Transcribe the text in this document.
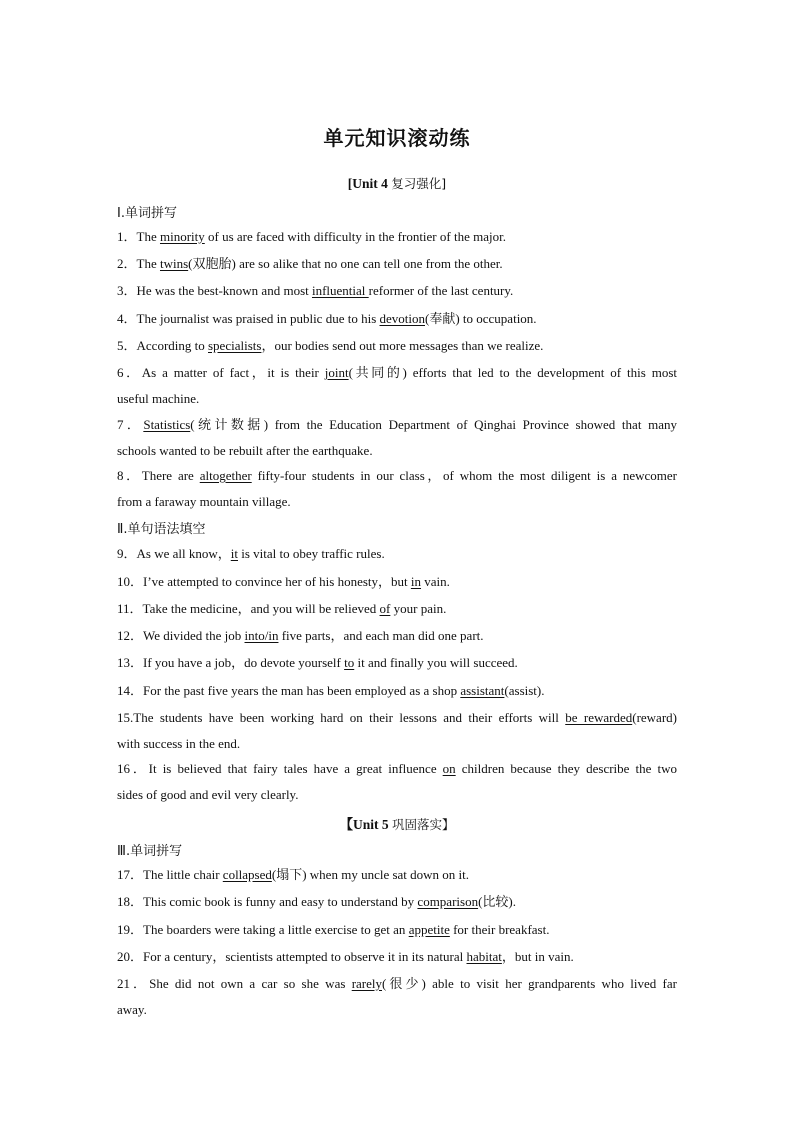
单元知识滚动练
[Unit 4 复习强化]
Ⅰ.单词拼写
1．The minority of us are faced with difficulty in the frontier of the major.
2．The twins(双胞胎) are so alike that no one can tell one from the other.
3．He was the best-known and most influential reformer of the last century.
4．The journalist was praised in public due to his devotion(奉献) to occupation.
5．According to specialists，our bodies send out more messages than we realize.
6．As a matter of fact，it is their joint(共同的) efforts that led to the development of this most
useful machine.
7．Statistics(统计数据) from the Education Department of Qinghai Province showed that many
schools wanted to be rebuilt after the earthquake.
8．There are altogether fifty-four students in our class，of whom the most diligent is a newcomer
from a faraway mountain village.
9．As we all know，it is vital to obey traffic rules.
10．I’ve attempted to convince her of his honesty，but in vain.
11．Take the medicine，and you will be relieved of your pain.
12．We divided the job into/in five parts，and each man did one part.
13．If you have a job，do devote yourself to it and finally you will succeed.
14．For the past five years the man has been employed as a shop assistant(assist).
15.The students have been working hard on their lessons and their efforts will be rewarded(reward)
with success in the end.
16．It is believed that fairy tales have a great influence on children because they describe the two
sides of good and evil very clearly.
17．The little chair collapsed(塌下) when my uncle sat down on it.
18．This comic book is funny and easy to understand by comparison(比较).
19．The boarders were taking a little exercise to get an appetite for their breakfast.
20．For a century，scientists attempted to observe it in its natural habitat，but in vain.
21．She did not own a car so she was rarely(很少) able to visit her grandparents who lived far
away.
Ⅱ.单句语法填空
【Unit 5 巩固落实】
Ⅲ.单词拼写
